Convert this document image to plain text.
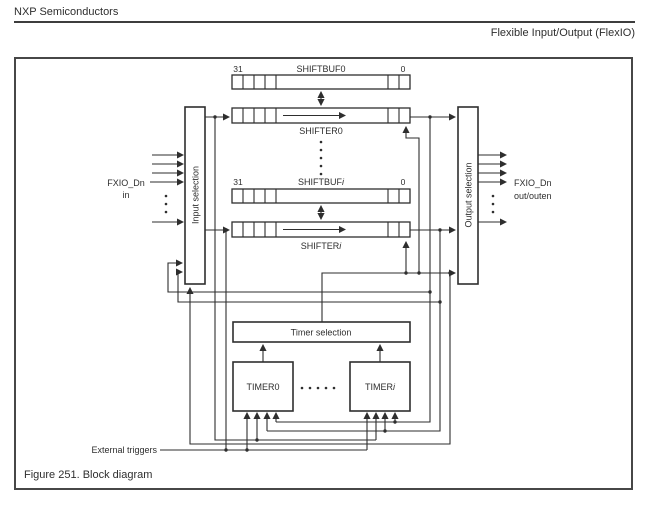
NXP Semiconductors
Flexible Input/Output (FlexIO)
31	SHIFTBUF0	0
SHIFTER0
31	SHIFTBUFi	0
SHIFTERi
Input selection	Output selection
Timer selection
TIMER0	TIMERi
FXIO_Dn
in
FXIO_Dn
out/outen
External triggers
Figure 251. Block diagram
